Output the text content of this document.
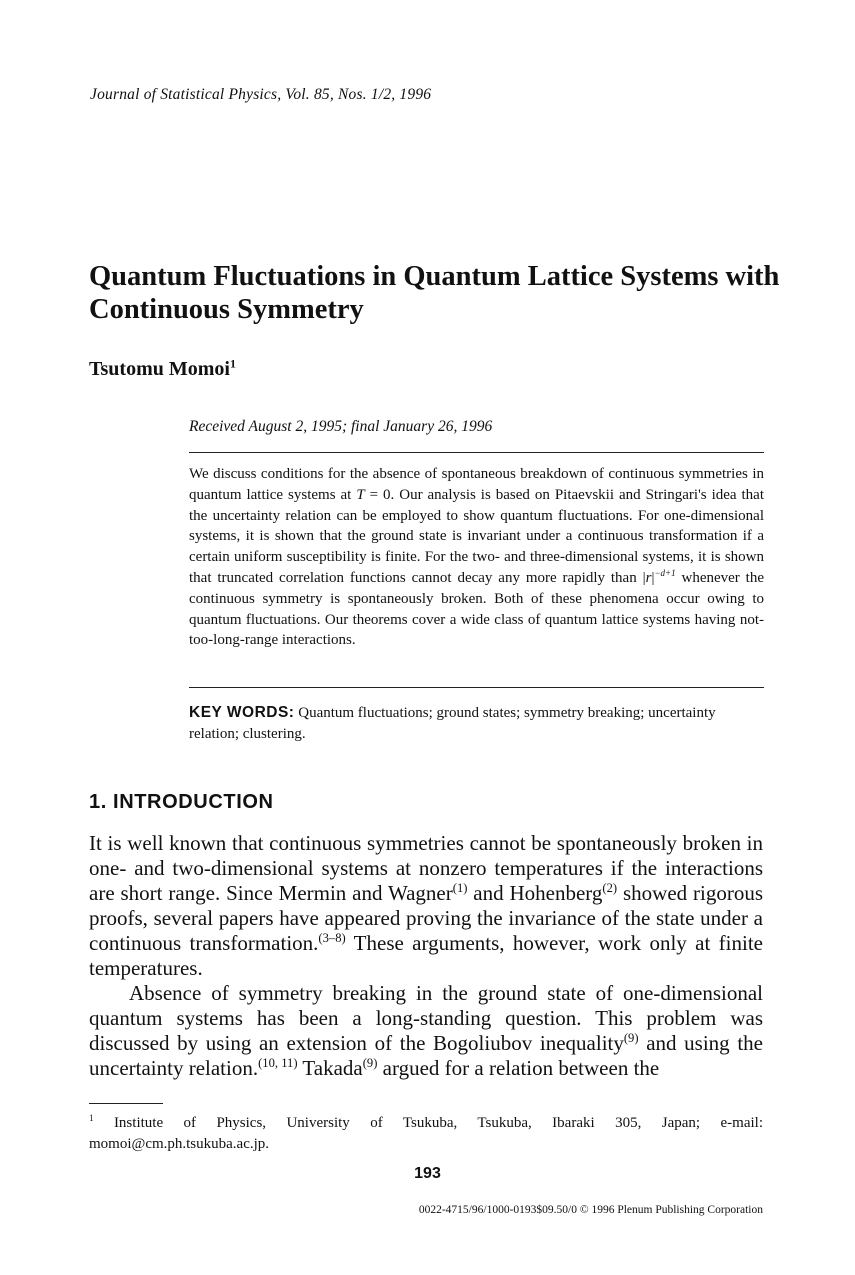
Journal of Statistical Physics, Vol. 85, Nos. 1/2, 1996
Quantum Fluctuations in Quantum Lattice Systems with Continuous Symmetry
Tsutomu Momoi$^1$
Received August 2, 1995; final January 26, 1996
We discuss conditions for the absence of spontaneous breakdown of continuous symmetries in quantum lattice systems at T = 0. Our analysis is based on Pitaevskii and Stringari's idea that the uncertainty relation can be employed to show quantum fluctuations. For one-dimensional systems, it is shown that the ground state is invariant under a continuous transformation if a certain uniform susceptibility is finite. For the two- and three-dimensional systems, it is shown that truncated correlation functions cannot decay any more rapidly than $|r|^{-d+1}$ whenever the continuous symmetry is spontaneously broken. Both of these phenomena occur owing to quantum fluctuations. Our theorems cover a wide class of quantum lattice systems having not-too-long-range interactions.
KEY WORDS: Quantum fluctuations; ground states; symmetry breaking; uncertainty relation; clustering.
1. INTRODUCTION

It is well known that continuous symmetries cannot be spontaneously broken in one- and two-dimensional systems at nonzero temperatures if the interactions are short range. Since Mermin and Wagner$^{(1)}$ and Hohenberg$^{(2)}$ showed rigorous proofs, several papers have appeared proving the invariance of the state under a continuous transformation.$^{(3-8)}$ These arguments, however, work only at finite temperatures.

Absence of symmetry breaking in the ground state of one-dimensional quantum systems has been a long-standing question. This problem was discussed by using an extension of the Bogoliubov inequality$^{(9)}$ and using the uncertainty relation.$^{(10, 11)}$ Takada$^{(9)}$ argued for a relation between the

$^1$ Institute of Physics, University of Tsukuba, Tsukuba, Ibaraki 305, Japan; e-mail: momoi@cm.ph.tsukuba.ac.jp.
193
0022-4715/96/1000-0193$09.50/0 © 1996 Plenum Publishing Corporation
